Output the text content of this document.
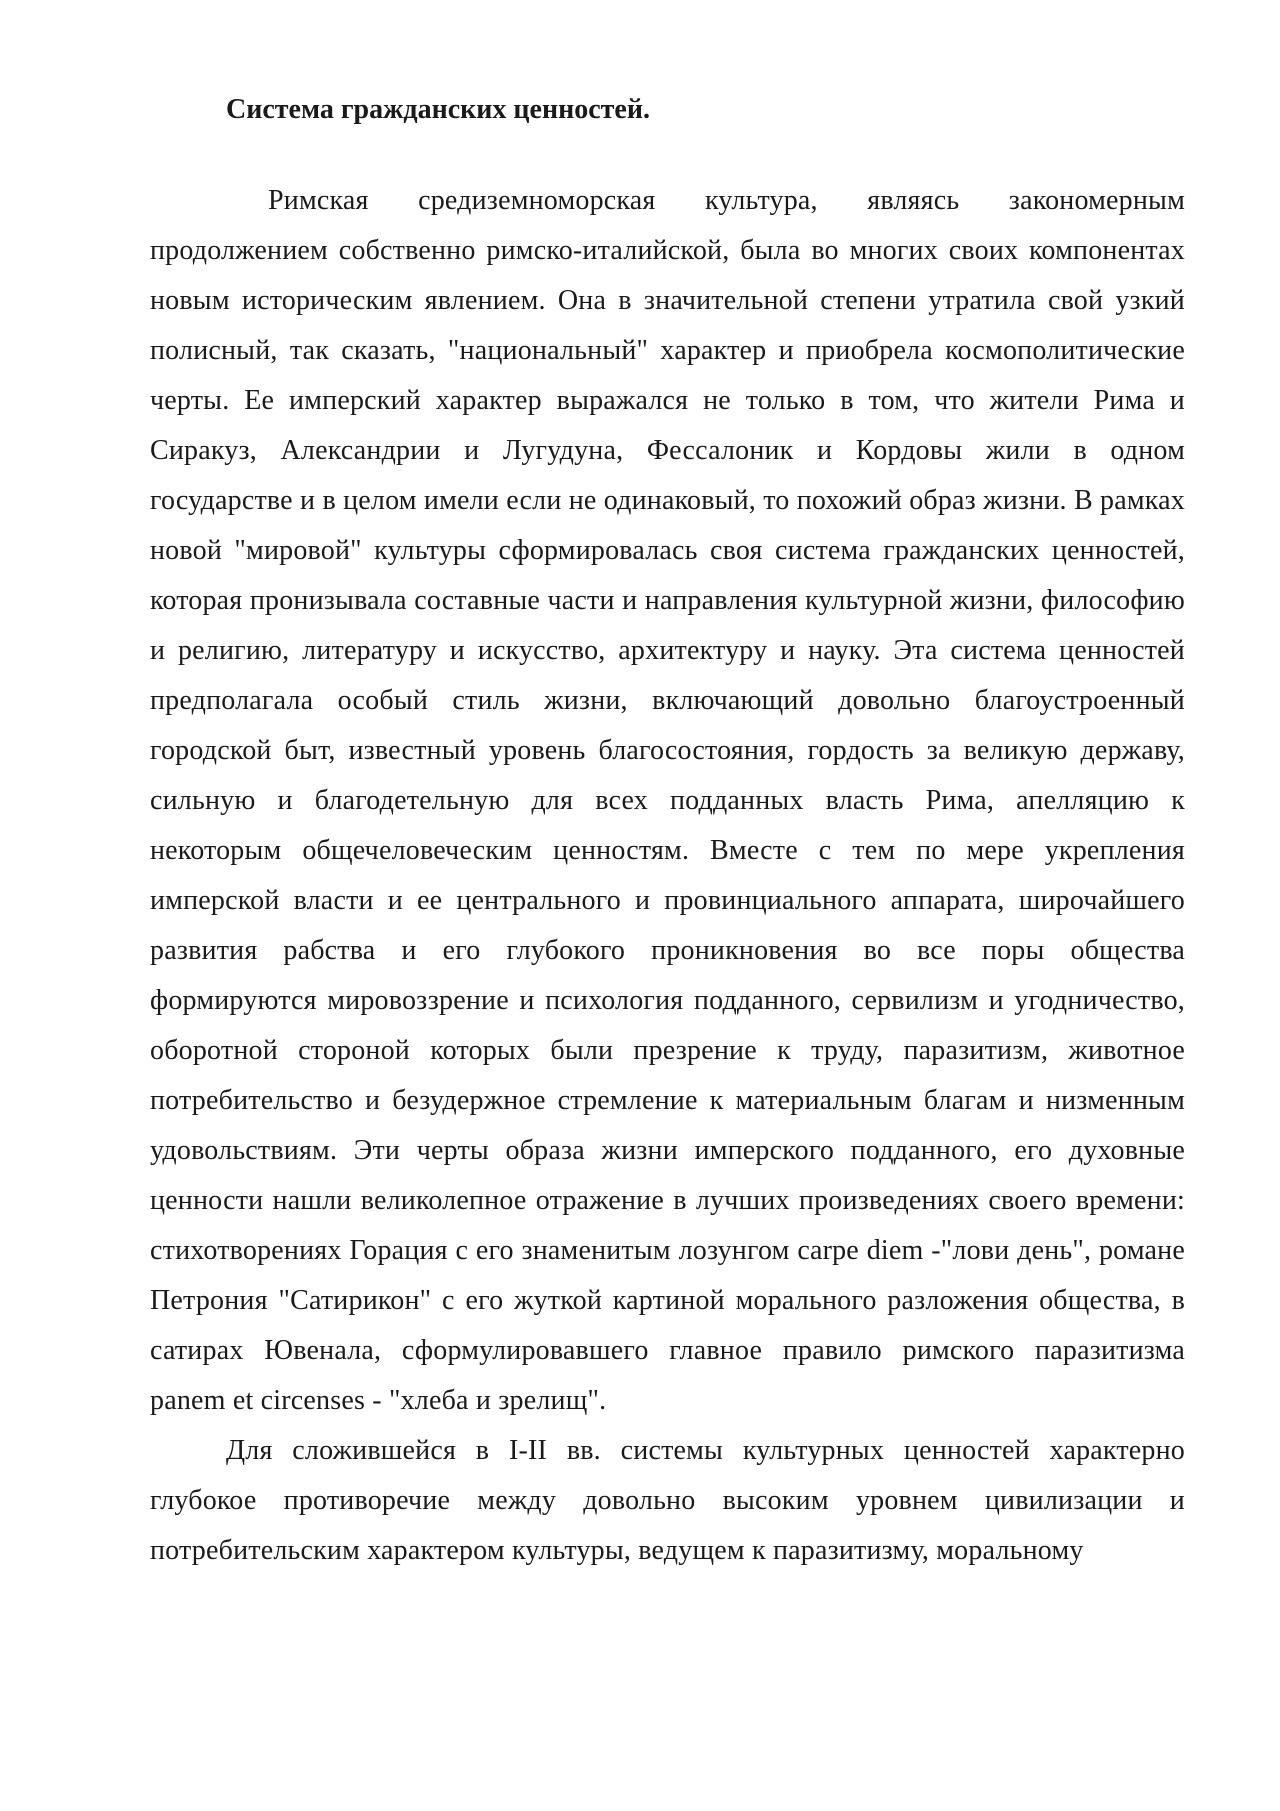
Система гражданских ценностей.

Римская средиземноморская культура, являясь закономерным продолжением собственно римско-италийской, была во многих своих компонентах новым историческим явлением. Она в значительной степени утратила свой узкий полисный, так сказать, "национальный" характер и приобрела космополитические черты. Ее имперский характер выражался не только в том, что жители Рима и Сиракуз, Александрии и Лугудуна, Фессалоник и Кордовы жили в одном государстве и в целом имели если не одинаковый, то похожий образ жизни. В рамках новой "мировой" культуры сформировалась своя система гражданских ценностей, которая пронизывала составные части и направления культурной жизни, философию и религию, литературу и искусство, архитектуру и науку. Эта система ценностей предполагала особый стиль жизни, включающий довольно благоустроенный городской быт, известный уровень благосостояния, гордость за великую державу, сильную и благодетельную для всех подданных власть Рима, апелляцию к некоторым общечеловеческим ценностям. Вместе с тем по мере укрепления имперской власти и ее центрального и провинциального аппарата, широчайшего развития рабства и его глубокого проникновения во все поры общества формируются мировоззрение и психология подданного, сервилизм и угодничество, оборотной стороной которых были презрение к труду, паразитизм, животное потребительство и безудержное стремление к материальным благам и низменным удовольствиям. Эти черты образа жизни имперского подданного, его духовные ценности нашли великолепное отражение в лучших произведениях своего времени: стихотворениях Горация с его знаменитым лозунгом carpe diem -"лови день", романе Петрония "Сатирикон" с его жуткой картиной морального разложения общества, в сатирах Ювенала, сформулировавшего главное правило римского паразитизма panem et circenses - "хлеба и зрелищ".

Для сложившейся в I-II вв. системы культурных ценностей характерно глубокое противоречие между довольно высоким уровнем цивилизации и потребительским характером культуры, ведущем к паразитизму, моральному
